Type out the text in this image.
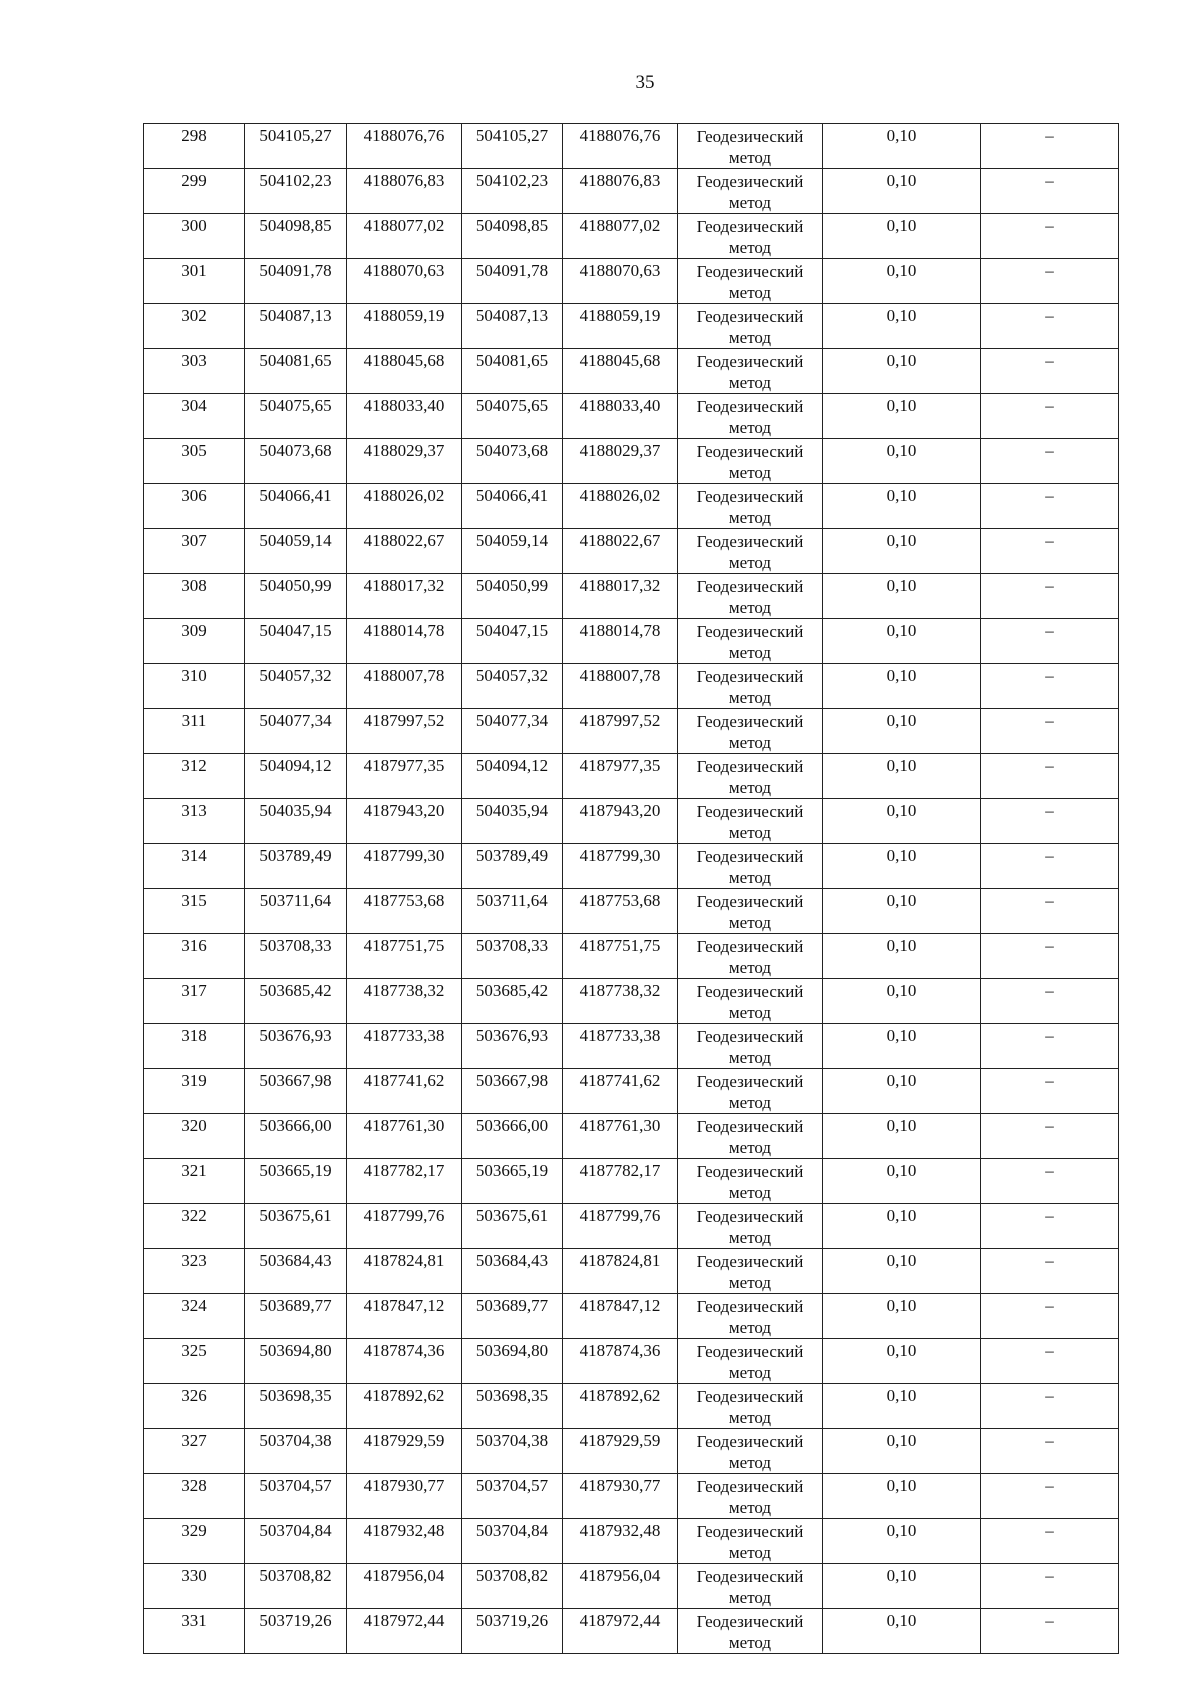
35
298	504105,27	4188076,76	504105,27	4188076,76	Геодезический метод	0,10	–

299	504102,23	4188076,83	504102,23	4188076,83	Геодезический метод	0,10	–

300	504098,85	4188077,02	504098,85	4188077,02	Геодезический метод	0,10	–

301	504091,78	4188070,63	504091,78	4188070,63	Геодезический метод	0,10	–

302	504087,13	4188059,19	504087,13	4188059,19	Геодезический метод	0,10	–

303	504081,65	4188045,68	504081,65	4188045,68	Геодезический метод	0,10	–

304	504075,65	4188033,40	504075,65	4188033,40	Геодезический метод	0,10	–

305	504073,68	4188029,37	504073,68	4188029,37	Геодезический метод	0,10	–

306	504066,41	4188026,02	504066,41	4188026,02	Геодезический метод	0,10	–

307	504059,14	4188022,67	504059,14	4188022,67	Геодезический метод	0,10	–

308	504050,99	4188017,32	504050,99	4188017,32	Геодезический метод	0,10	–

309	504047,15	4188014,78	504047,15	4188014,78	Геодезический метод	0,10	–

310	504057,32	4188007,78	504057,32	4188007,78	Геодезический метод	0,10	–

311	504077,34	4187997,52	504077,34	4187997,52	Геодезический метод	0,10	–

312	504094,12	4187977,35	504094,12	4187977,35	Геодезический метод	0,10	–

313	504035,94	4187943,20	504035,94	4187943,20	Геодезический метод	0,10	–

314	503789,49	4187799,30	503789,49	4187799,30	Геодезический метод	0,10	–

315	503711,64	4187753,68	503711,64	4187753,68	Геодезический метод	0,10	–

316	503708,33	4187751,75	503708,33	4187751,75	Геодезический метод	0,10	–

317	503685,42	4187738,32	503685,42	4187738,32	Геодезический метод	0,10	–

318	503676,93	4187733,38	503676,93	4187733,38	Геодезический метод	0,10	–

319	503667,98	4187741,62	503667,98	4187741,62	Геодезический метод	0,10	–

320	503666,00	4187761,30	503666,00	4187761,30	Геодезический метод	0,10	–

321	503665,19	4187782,17	503665,19	4187782,17	Геодезический метод	0,10	–

322	503675,61	4187799,76	503675,61	4187799,76	Геодезический метод	0,10	–

323	503684,43	4187824,81	503684,43	4187824,81	Геодезический метод	0,10	–

324	503689,77	4187847,12	503689,77	4187847,12	Геодезический метод	0,10	–

325	503694,80	4187874,36	503694,80	4187874,36	Геодезический метод	0,10	–

326	503698,35	4187892,62	503698,35	4187892,62	Геодезический метод	0,10	–

327	503704,38	4187929,59	503704,38	4187929,59	Геодезический метод	0,10	–

328	503704,57	4187930,77	503704,57	4187930,77	Геодезический метод	0,10	–

329	503704,84	4187932,48	503704,84	4187932,48	Геодезический метод	0,10	–

330	503708,82	4187956,04	503708,82	4187956,04	Геодезический метод	0,10	–

331	503719,26	4187972,44	503719,26	4187972,44	Геодезический метод	0,10	–
